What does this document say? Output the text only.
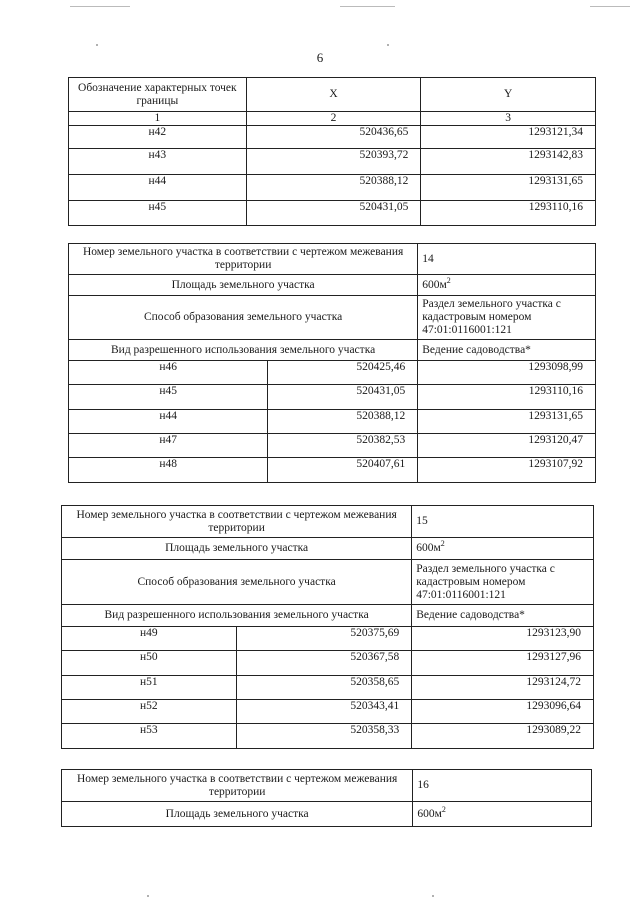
6
Обозначение характерных точек границы	X	Y
1	2	3
н42	520436,65	1293121,34
н43	520393,72	1293142,83
н44	520388,12	1293131,65
н45	520431,05	1293110,16
Номер земельного участка в соответствии с чертежом межевания территории		14
Площадь земельного участка		$600м^2$
Способ образования земельного участка		Раздел земельного участка с кадастровым номером 47:01:0116001:121
Вид разрешенного использования земельного участка		Ведение садоводства*
н46	520425,46	1293098,99
н45	520431,05	1293110,16
н44	520388,12	1293131,65
н47	520382,53	1293120,47
н48	520407,61	1293107,92
Номер земельного участка в соответствии с чертежом межевания территории		15
Площадь земельного участка		$600м^2$
Способ образования земельного участка		Раздел земельного участка с кадастровым номером 47:01:0116001:121
Вид разрешенного использования земельного участка		Ведение садоводства*
н49	520375,69	1293123,90
н50	520367,58	1293127,96
н51	520358,65	1293124,72
н52	520343,41	1293096,64
н53	520358,33	1293089,22
Номер земельного участка в соответствии с чертежом межевания территории	16
Площадь земельного участка	$600м^2$
